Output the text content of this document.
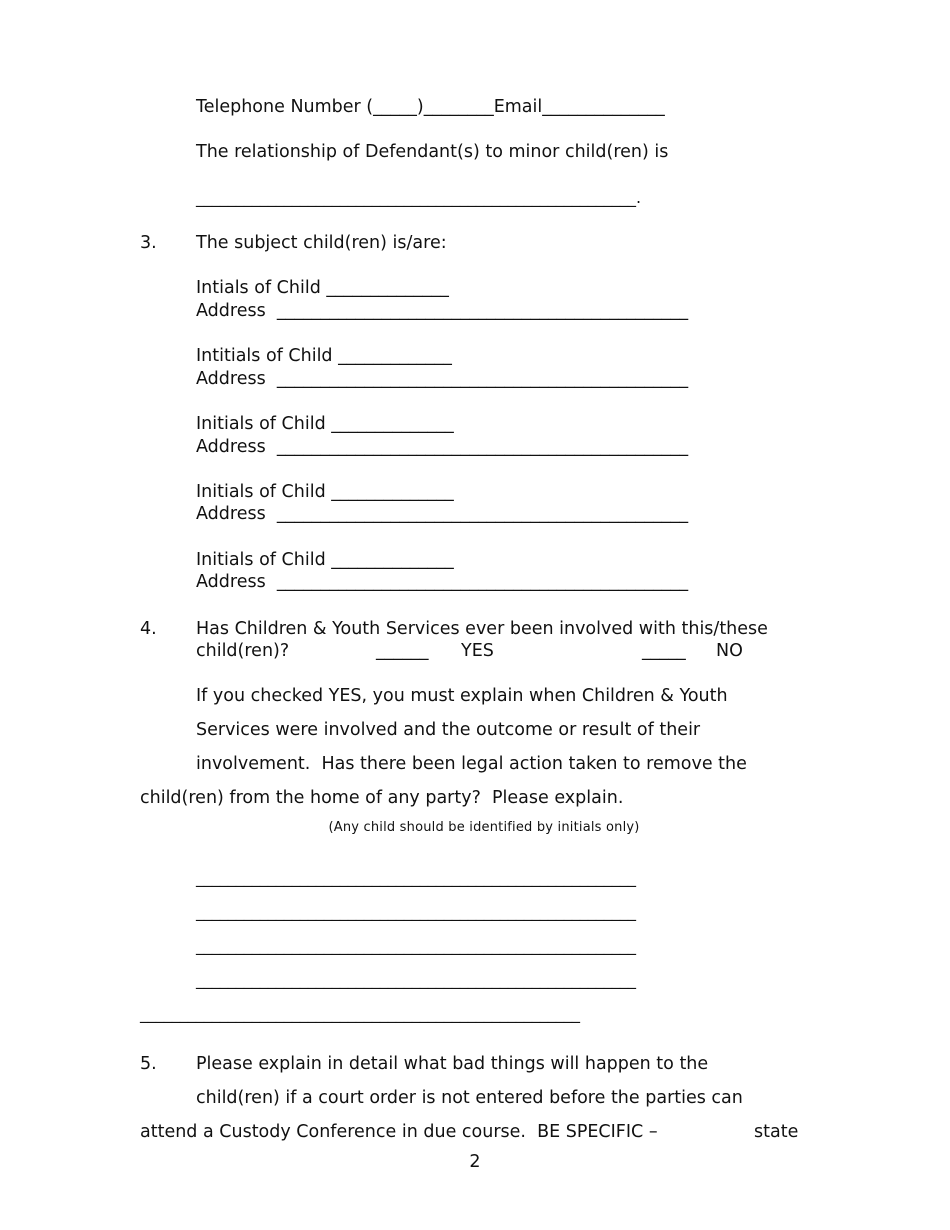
Telephone Number (_____)________Email______________
The relationship of Defendant(s) to minor child(ren) is
_______________________________________________________.
3. The subject child(ren) is/are:
Intials of Child ______________
Address  _______________________________________________
Intitials of Child _____________
Address  _______________________________________________
Initials of Child ______________
Address  _______________________________________________
Initials of Child ______________
Address  _______________________________________________
Initials of Child ______________
Address  _______________________________________________
4. Has Children & Youth Services ever been involved with this/these
child(ren)?	______ YES	_____ NO
If you checked YES, you must explain when Children & Youth
Services were involved and the outcome or result of their
involvement.  Has there been legal action taken to remove the
child(ren) from the home of any party?  Please explain.
(Any child should be identified by initials only)
_______________________________________________________
_______________________________________________________
_______________________________________________________
_______________________________________________________
_______________________________________________________
5. Please explain in detail what bad things will happen to the
child(ren) if a court order is not entered before the parties can
attend a Custody Conference in due course.  BE SPECIFIC –	state
2
